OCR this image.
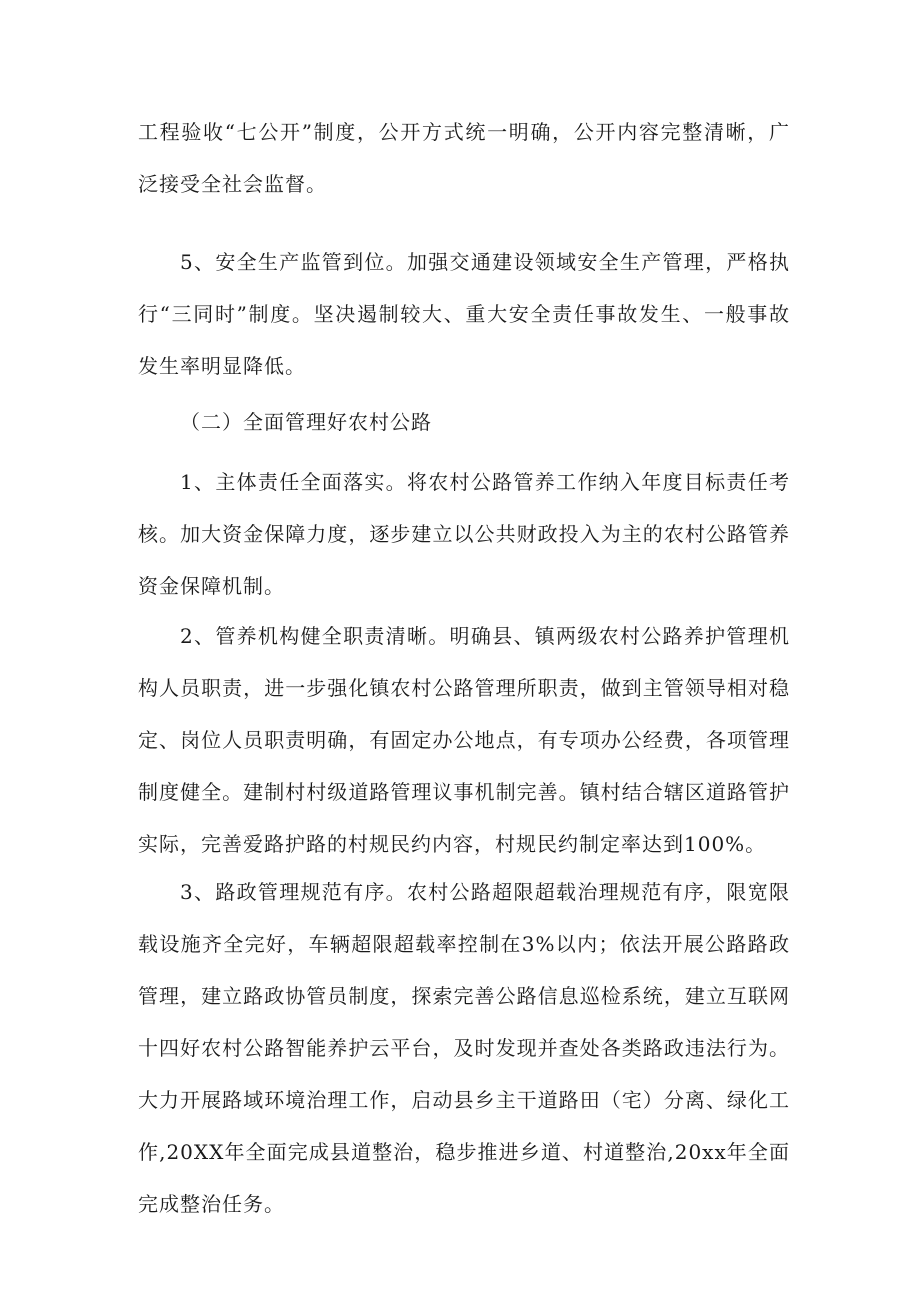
工程验收“七公开”制度，公开方式统一明确，公开内容完整清晰，广泛接受全社会监督。

5、安全生产监管到位。加强交通建设领域安全生产管理，严格执行“三同时”制度。坚决遏制较大、重大安全责任事故发生、一般事故发生率明显降低。

（二）全面管理好农村公路

1、主体责任全面落实。将农村公路管养工作纳入年度目标责任考核。加大资金保障力度，逐步建立以公共财政投入为主的农村公路管养资金保障机制。

2、管养机构健全职责清晰。明确县、镇两级农村公路养护管理机构人员职责，进一步强化镇农村公路管理所职责，做到主管领导相对稳定、岗位人员职责明确，有固定办公地点，有专项办公经费，各项管理制度健全。建制村村级道路管理议事机制完善。镇村结合辖区道路管护实际，完善爱路护路的村规民约内容，村规民约制定率达到100%。

3、路政管理规范有序。农村公路超限超载治理规范有序，限宽限载设施齐全完好，车辆超限超载率控制在3%以内；依法开展公路路政管理，建立路政协管员制度，探索完善公路信息巡检系统，建立互联网十四好农村公路智能养护云平台，及时发现并查处各类路政违法行为。大力开展路域环境治理工作，启动县乡主干道路田（宅）分离、绿化工作,20XX年全面完成县道整治，稳步推进乡道、村道整治,20xx年全面完成整治任务。
